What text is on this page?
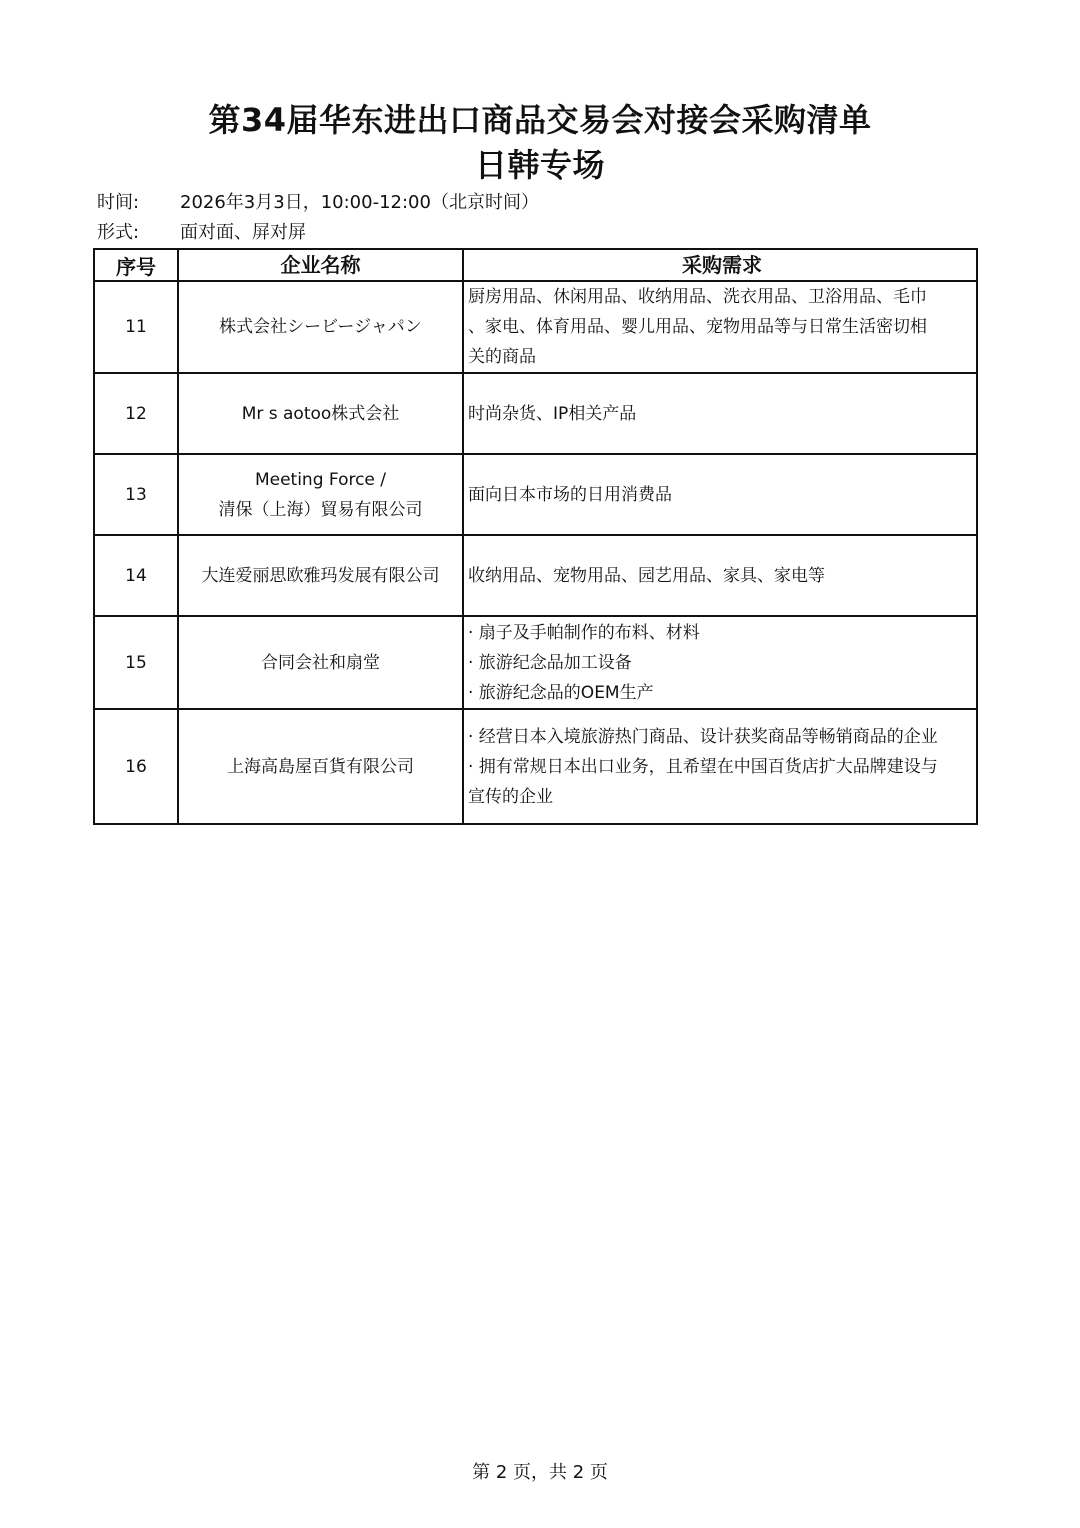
第34届华东进出口商品交易会对接会采购清单
日韩专场
时间: 2026年3月3日，10:00-12:00（北京时间）
形式: 面对面、屏对屏
序号	企业名称	采购需求
11	株式会社シービージャパン	厨房用品、休闲用品、收纳用品、洗衣用品、卫浴用品、毛巾
、家电、体育用品、婴儿用品、宠物用品等与日常生活密切相
关的商品

12	Mr s aotoo株式会社	时尚杂货、IP相关产品

13	Meeting Force /
清保（上海）貿易有限公司	面向日本市场的日用消费品

14	大连爱丽思欧雅玛发展有限公司	收纳用品、宠物用品、园艺用品、家具、家电等

15	合同会社和扇堂	· 扇子及手帕制作的布料、材料
· 旅游纪念品加工设备
· 旅游纪念品的OEM生产

16	上海高島屋百貨有限公司	· 经营日本入境旅游热门商品、设计获奖商品等畅销商品的企业
· 拥有常规日本出口业务，且希望在中国百货店扩大品牌建设与
宣传的企业
第 2 页，共 2 页
